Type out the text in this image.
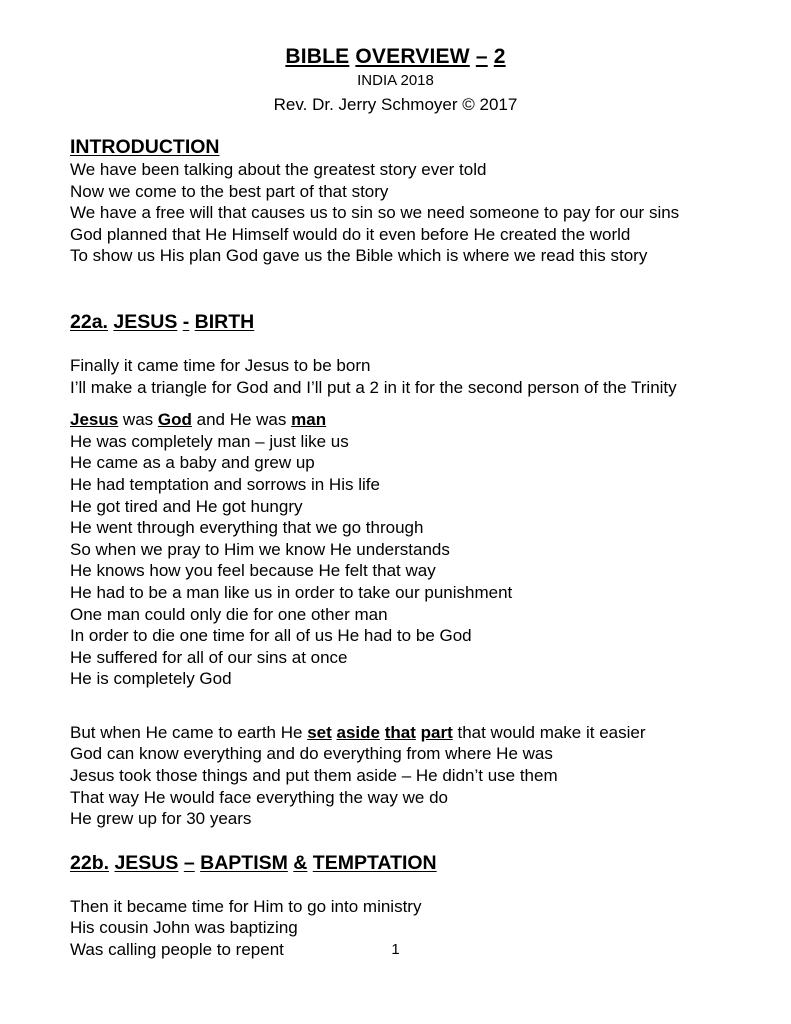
BIBLE OVERVIEW – 2
INDIA 2018
Rev. Dr. Jerry Schmoyer © 2017
INTRODUCTION
We have been talking about the greatest story ever told
Now we come to the best part of that story
We have a free will that causes us to sin so we need someone to pay for our sins
God planned that He Himself would do it even before He created the world
To show us His plan God gave us the Bible which is where we read this story
22a. JESUS - BIRTH
Finally it came time for Jesus to be born
I’ll make a triangle for God and I’ll put a 2 in it for the second person of the Trinity
Jesus was God and He was man
He was completely man – just like us
He came as a baby and grew up
He had temptation and sorrows in His life
He got tired and He got hungry
He went through everything that we go through
So when we pray to Him we know He understands
He knows how you feel because He felt that way
He had to be a man like us in order to take our punishment
One man could only die for one other man
In order to die one time for all of us He had to be God
He suffered for all of our sins at once
He is completely God
But when He came to earth He set aside that part that would make it easier
God can know everything and do everything from where He was
Jesus took those things and put them aside – He didn’t use them
That way He would face everything the way we do
He grew up for 30 years
22b. JESUS – BAPTISM & TEMPTATION
Then it became time for Him to go into ministry
His cousin John was baptizing
Was calling people to repent	1
